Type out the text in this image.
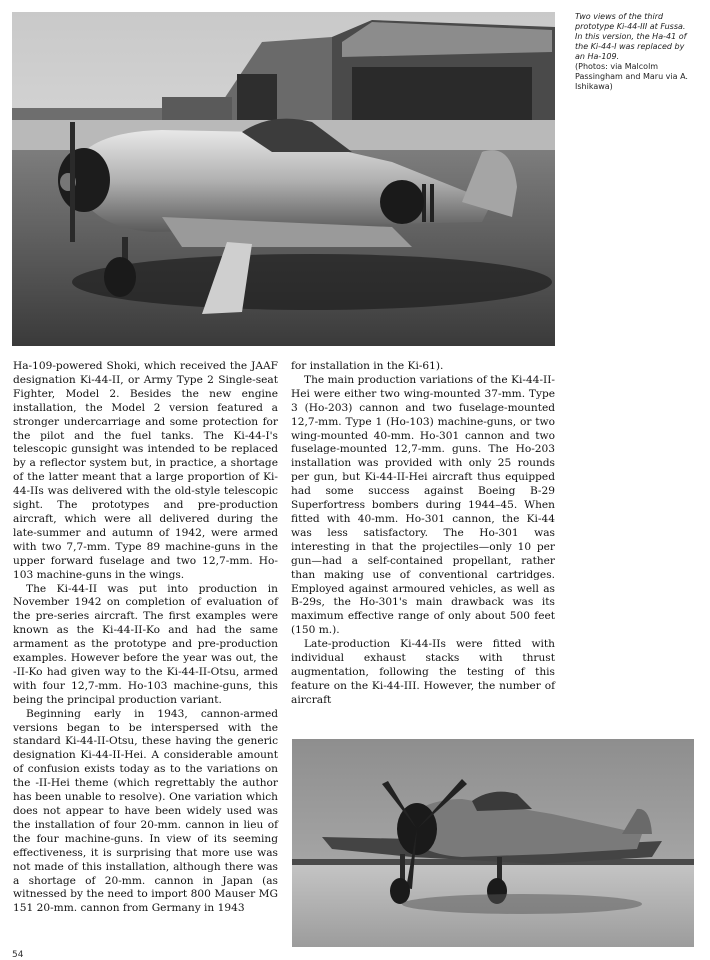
Two views of the third prototype Ki-44-III at Fussa. In this version, the Ha-41 of the Ki-44-I was replaced by an Ha-109.
(Photos: via Malcolm Passingham and Maru via A. Ishikawa)

Ha-109-powered Shoki, which received the JAAF designation Ki-44-II, or Army Type 2 Single-seat Fighter, Model 2. Besides the new engine installation, the Model 2 version featured a stronger undercarriage and some protection for the pilot and the fuel tanks. The Ki-44-I's telescopic gunsight was intended to be replaced by a reflector system but, in practice, a shortage of the latter meant that a large proportion of Ki-44-IIs was delivered with the old-style telescopic sight. The prototypes and pre-production aircraft, which were all delivered during the late-summer and autumn of 1942, were armed with two 7,7-mm. Type 89 machine-guns in the upper forward fuselage and two 12,7-mm. Ho-103 machine-guns in the wings.

The Ki-44-II was put into production in November 1942 on completion of evaluation of the pre-series aircraft. The first examples were known as the Ki-44-II-Ko and had the same armament as the prototype and pre-production examples. However before the year was out, the -II-Ko had given way to the Ki-44-II-Otsu, armed with four 12,7-mm. Ho-103 machine-guns, this being the principal production variant.

Beginning early in 1943, cannon-armed versions began to be interspersed with the standard Ki-44-II-Otsu, these having the generic designation Ki-44-II-Hei. A considerable amount of confusion exists today as to the variations on the -II-Hei theme (which regrettably the author has been unable to resolve). One variation which does not appear to have been widely used was the installation of four 20-mm. cannon in lieu of the four machine-guns. In view of its seeming effectiveness, it is surprising that more use was not made of this installation, although there was a shortage of 20-mm. cannon in Japan (as witnessed by the need to import 800 Mauser MG 151 20-mm. cannon from Germany in 1943

for installation in the Ki-61).

The main production variations of the Ki-44-II-Hei were either two wing-mounted 37-mm. Type 3 (Ho-203) cannon and two fuselage-mounted 12,7-mm. Type 1 (Ho-103) machine-guns, or two wing-mounted 40-mm. Ho-301 cannon and two fuselage-mounted 12,7-mm. guns. The Ho-203 installation was provided with only 25 rounds per gun, but Ki-44-II-Hei aircraft thus equipped had some success against Boeing B-29 Superfortress bombers during 1944–45. When fitted with 40-mm. Ho-301 cannon, the Ki-44 was less satisfactory. The Ho-301 was interesting in that the projectiles—only 10 per gun—had a self-contained propellant, rather than making use of conventional cartridges. Employed against armoured vehicles, as well as B-29s, the Ho-301's main drawback was its maximum effective range of only about 500 feet (150 m.).

Late-production Ki-44-IIs were fitted with individual exhaust stacks with thrust augmentation, following the testing of this feature on the Ki-44-III. However, the number of aircraft

54
